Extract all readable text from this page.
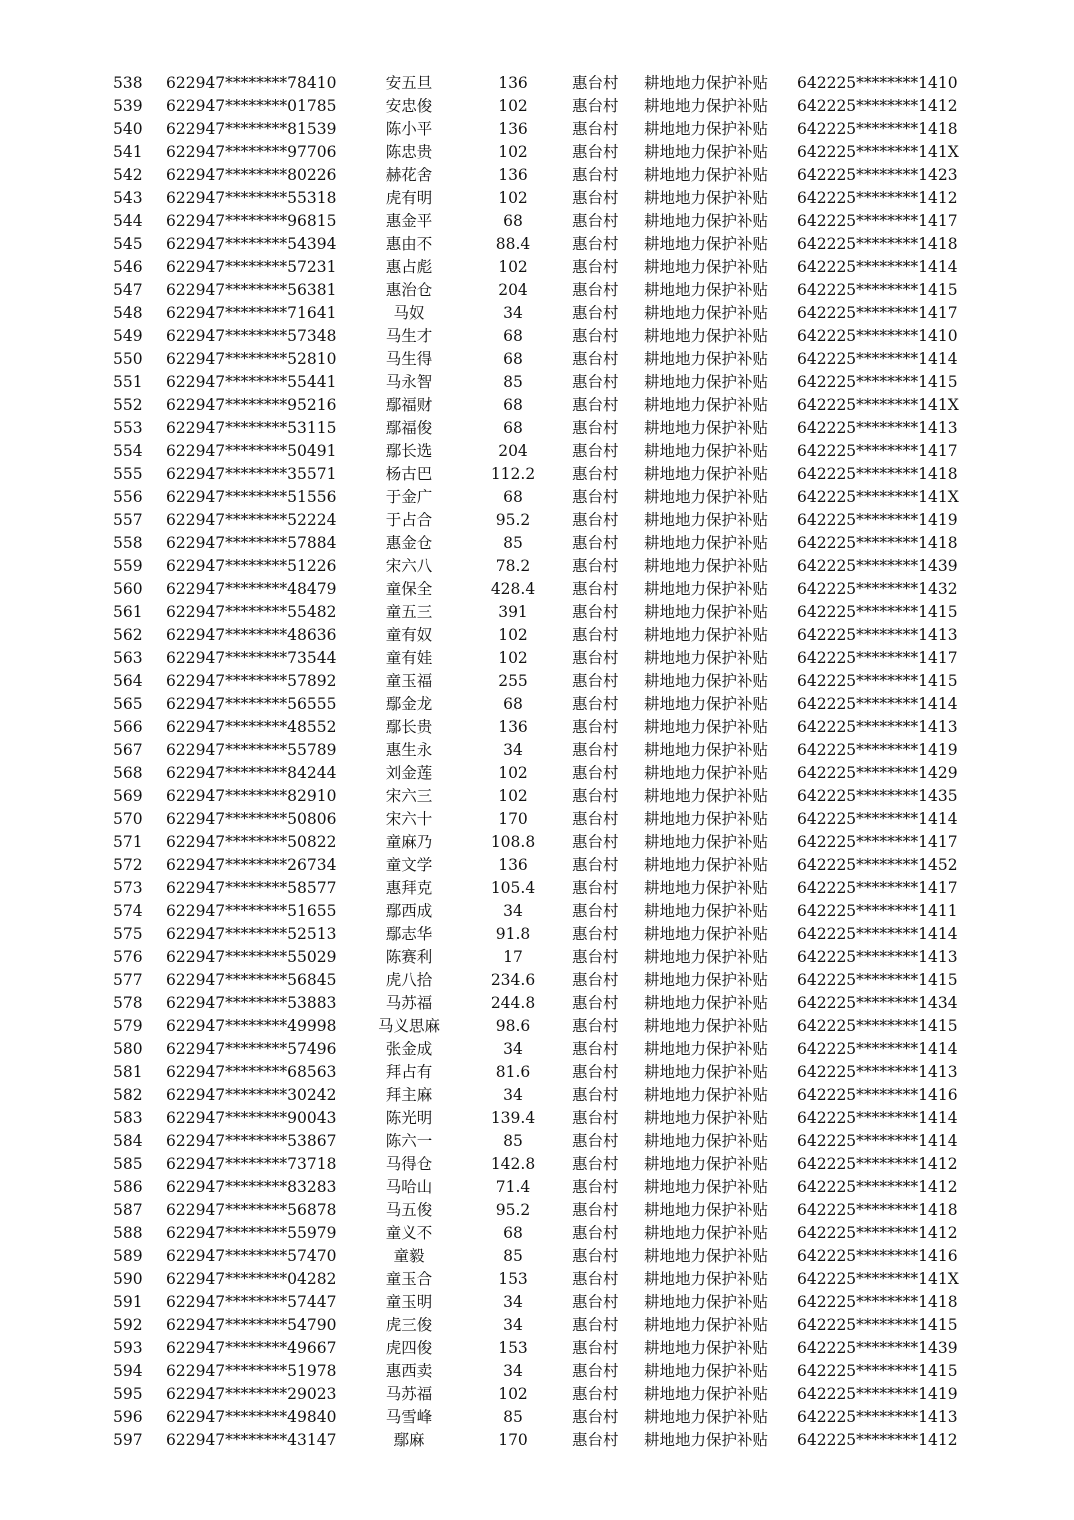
538 622947********78410	安五旦	136	惠台村 耕地地力保护补贴 642225********1410
539 622947********01785	安忠俊	102	惠台村 耕地地力保护补贴 642225********1412
540 622947********81539	陈小平	136	惠台村 耕地地力保护补贴 642225********1418
541 622947********97706	陈忠贵	102	惠台村 耕地地力保护补贴 642225********141X
542 622947********80226	赫花舍	136	惠台村 耕地地力保护补贴 642225********1423
543 622947********55318	虎有明	102	惠台村 耕地地力保护补贴 642225********1412
544 622947********96815	惠金平	68	惠台村 耕地地力保护补贴 642225********1417
545 622947********54394	惠由不	88.4	惠台村 耕地地力保护补贴 642225********1418
546 622947********57231	惠占彪	102	惠台村 耕地地力保护补贴 642225********1414
547 622947********56381	惠治仓	204	惠台村 耕地地力保护补贴 642225********1415
548 622947********71641	马奴	34	惠台村 耕地地力保护补贴 642225********1417
549 622947********57348	马生才	68	惠台村 耕地地力保护补贴 642225********1410
550 622947********52810	马生得	68	惠台村 耕地地力保护补贴 642225********1414
551 622947********55441	马永智	85	惠台村 耕地地力保护补贴 642225********1415
552 622947********95216	鄢福财	68	惠台村 耕地地力保护补贴 642225********141X
553 622947********53115	鄢福俊	68	惠台村 耕地地力保护补贴 642225********1413
554 622947********50491	鄢长选	204	惠台村 耕地地力保护补贴 642225********1417
555 622947********35571	杨古巴	112.2 惠台村 耕地地力保护补贴 642225********1418
556 622947********51556	于金广	68	惠台村 耕地地力保护补贴 642225********141X
557 622947********52224	于占合	95.2	惠台村 耕地地力保护补贴 642225********1419
558 622947********57884	惠金仓	85	惠台村 耕地地力保护补贴 642225********1418
559 622947********51226	宋六八	78.2	惠台村 耕地地力保护补贴 642225********1439
560 622947********48479	童保全	428.4 惠台村 耕地地力保护补贴 642225********1432
561 622947********55482	童五三	391	惠台村 耕地地力保护补贴 642225********1415
562 622947********48636	童有奴	102	惠台村 耕地地力保护补贴 642225********1413
563 622947********73544	童有娃	102	惠台村 耕地地力保护补贴 642225********1417
564 622947********57892	童玉福	255	惠台村 耕地地力保护补贴 642225********1415
565 622947********56555	鄢金龙	68	惠台村 耕地地力保护补贴 642225********1414
566 622947********48552	鄢长贵	136	惠台村 耕地地力保护补贴 642225********1413
567 622947********55789	惠生永	34	惠台村 耕地地力保护补贴 642225********1419
568 622947********84244	刘金莲	102	惠台村 耕地地力保护补贴 642225********1429
569 622947********82910	宋六三	102	惠台村 耕地地力保护补贴 642225********1435
570 622947********50806	宋六十	170	惠台村 耕地地力保护补贴 642225********1414
571 622947********50822	童麻乃	108.8 惠台村 耕地地力保护补贴 642225********1417
572 622947********26734	童文学	136	惠台村 耕地地力保护补贴 642225********1452
573 622947********58577	惠拜克	105.4 惠台村 耕地地力保护补贴 642225********1417
574 622947********51655	鄢西成	34	惠台村 耕地地力保护补贴 642225********1411
575 622947********52513	鄢志华	91.8	惠台村 耕地地力保护补贴 642225********1414
576 622947********55029	陈赛利	17	惠台村 耕地地力保护补贴 642225********1413
577 622947********56845	虎八拾	234.6 惠台村 耕地地力保护补贴 642225********1415
578 622947********53883	马苏福	244.8 惠台村 耕地地力保护补贴 642225********1434
579 622947********49998	马义思麻	98.6	惠台村 耕地地力保护补贴 642225********1415
580 622947********57496	张金成	34	惠台村 耕地地力保护补贴 642225********1414
581 622947********68563	拜占有	81.6	惠台村 耕地地力保护补贴 642225********1413
582 622947********30242	拜主麻	34	惠台村 耕地地力保护补贴 642225********1416
583 622947********90043	陈光明	139.4 惠台村 耕地地力保护补贴 642225********1414
584 622947********53867	陈六一	85	惠台村 耕地地力保护补贴 642225********1414
585 622947********73718	马得仓	142.8 惠台村 耕地地力保护补贴 642225********1412
586 622947********83283	马哈山	71.4	惠台村 耕地地力保护补贴 642225********1412
587 622947********56878	马五俊	95.2	惠台村 耕地地力保护补贴 642225********1418
588 622947********55979	童义不	68	惠台村 耕地地力保护补贴 642225********1412
589 622947********57470	童毅	85	惠台村 耕地地力保护补贴 642225********1416
590 622947********04282	童玉合	153	惠台村 耕地地力保护补贴 642225********141X
591 622947********57447	童玉明	34	惠台村 耕地地力保护补贴 642225********1418
592 622947********54790	虎三俊	34	惠台村 耕地地力保护补贴 642225********1415
593 622947********49667	虎四俊	153	惠台村 耕地地力保护补贴 642225********1439
594 622947********51978	惠西卖	34	惠台村 耕地地力保护补贴 642225********1415
595 622947********29023	马苏福	102	惠台村 耕地地力保护补贴 642225********1419
596 622947********49840	马雪峰	85	惠台村 耕地地力保护补贴 642225********1413
597 622947********43147	鄢麻	170	惠台村 耕地地力保护补贴 642225********1412
